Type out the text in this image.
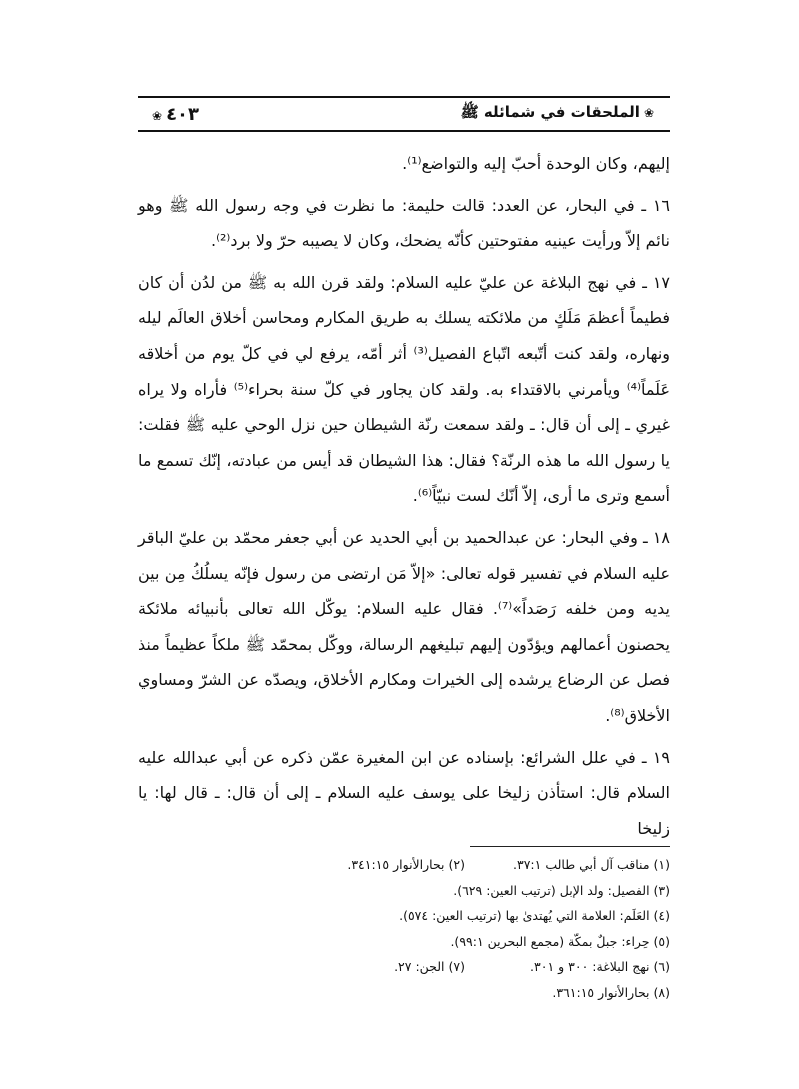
❀ الملحقات في شمائله ﷺ
٤٠٣ ❀

إليهم، وكان الوحدة أحبّ إليه والتواضع⁽¹⁾.

١٦ ـ في البحار، عن العدد: قالت حليمة: ما نظرت في وجه رسول الله ﷺ وهو نائم إلاّ ورأيت عينيه مفتوحتين كأنّه يضحك، وكان لا يصيبه حرّ ولا برد⁽²⁾.

١٧ ـ في نهج البلاغة عن عليّ عليه السلام: ولقد قرن الله به ﷺ من لدُن أن كان فطيماً أعظمَ مَلَكٍ من ملائكته يسلك به طريق المكارم ومحاسن أخلاق العالَم ليله ونهاره، ولقد كنت أتّبعه اتّباع الفصيل⁽³⁾ أثر أمّه، يرفع لي في كلّ يوم من أخلاقه عَلَماً⁽⁴⁾ ويأمرني بالاقتداء به. ولقد كان يجاور في كلّ سنة بحراء⁽⁵⁾ فأراه ولا يراه غيري ـ إلى أن قال: ـ ولقد سمعت رنّة الشيطان حين نزل الوحي عليه ﷺ فقلت: يا رسول الله ما هذه الرنّة؟ فقال: هذا الشيطان قد أيس من عبادته، إنّك تسمع ما أسمع وترى ما أرى، إلاّ أنّك لست نبيّاً⁽⁶⁾.

١٨ ـ وفي البحار: عن عبدالحميد بن أبي الحديد عن أبي جعفر محمّد بن عليّ الباقر عليه السلام في تفسير قوله تعالى: «إلاّ مَن ارتضى من رسول فإنّه يسلُكُ مِن بين يديه ومن خلفه رَصَداً»⁽⁷⁾. فقال عليه السلام: يوكّل الله تعالى بأنبيائه ملائكة يحصنون أعمالهم ويؤدّون إليهم تبليغهم الرسالة، ووكّل بمحمّد ﷺ ملكاً عظيماً منذ فصل عن الرضاع يرشده إلى الخيرات ومكارم الأخلاق، ويصدّه عن الشرّ ومساوي الأخلاق⁽⁸⁾.

١٩ ـ في علل الشرائع: بإسناده عن ابن المغيرة عمّن ذكره عن أبي عبدالله عليه السلام قال: استأذن زليخا على يوسف عليه السلام ـ إلى أن قال: ـ قال لها: يا زليخا

(١) مناقب آل أبي طالب ٣٧:١.
(٢) بحارالأنوار ٣٤١:١٥.
(٣) الفصيل: ولد الإبل (ترتيب العين: ٦٢٩).
(٤) العَلَم: العلامة التي يُهتدىٰ بها (ترتيب العين: ٥٧٤).
(٥) حِراء: جبلٌ بمكّة (مجمع البحرين ٩٩:١).
(٦) نهج البلاغة: ٣٠٠ و ٣٠١.
(٧) الجن: ٢٧.
(٨) بحارالأنوار ٣٦١:١٥.
